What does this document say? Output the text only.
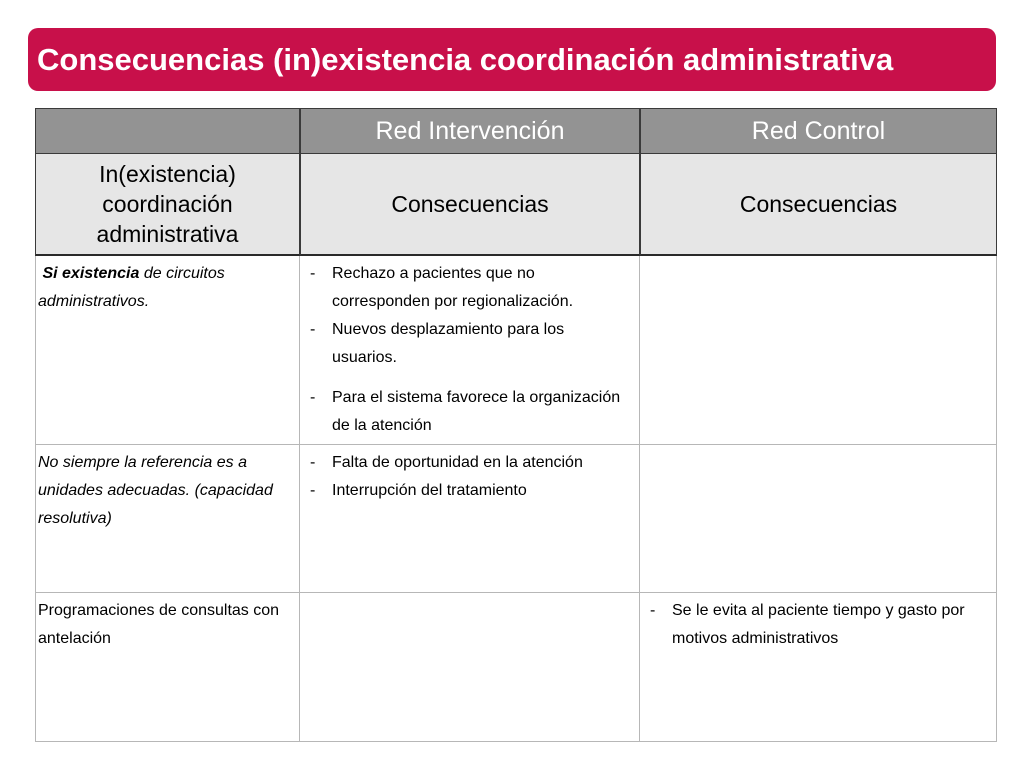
Consecuencias (in)existencia coordinación administrativa
Red Intervención	Red Control
In(existencia) coordinación administrativa
Consecuencias	Consecuencias
Si existencia de circuitos administrativos.
- Rechazo a pacientes que no corresponden por regionalización.
- Nuevos desplazamiento para los usuarios.
- Para el sistema favorece la organización de la atención
No siempre la referencia es a unidades adecuadas. (capacidad resolutiva)
- Falta de oportunidad en la atención
- Interrupción del tratamiento
Programaciones de consultas con antelación
- Se le evita al paciente tiempo y gasto por motivos administrativos
